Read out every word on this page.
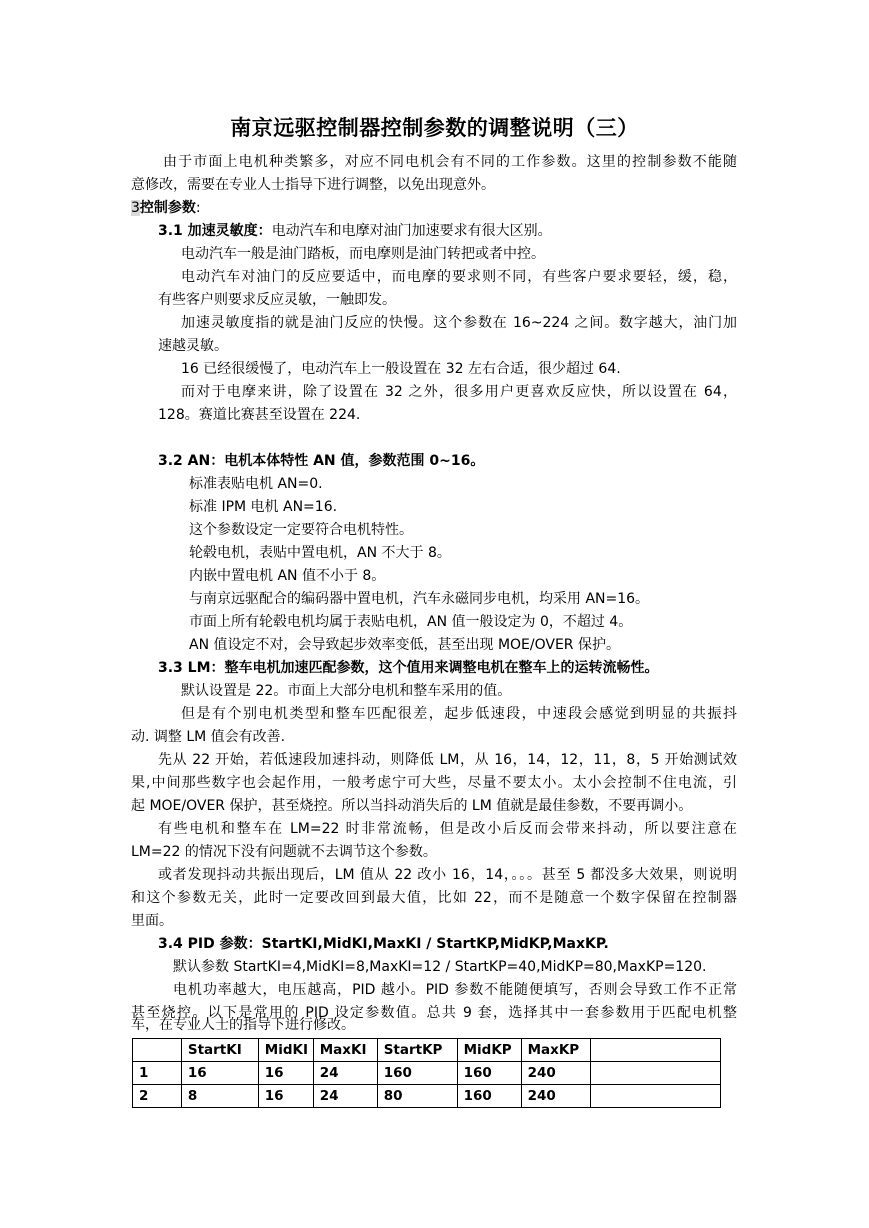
南京远驱控制器控制参数的调整说明（三）
由于市面上电机种类繁多，对应不同电机会有不同的工作参数。这里的控制参数不能随
意修改，需要在专业人士指导下进行调整，以免出现意外。
3控制参数:
3.1 加速灵敏度：电动汽车和电摩对油门加速要求有很大区别。
电动汽车一般是油门踏板，而电摩则是油门转把或者中控。
电动汽车对油门的反应要适中，而电摩的要求则不同，有些客户要求要轻，缓，稳，
有些客户则要求反应灵敏，一触即发。
加速灵敏度指的就是油门反应的快慢。这个参数在 16~224 之间。数字越大，油门加
速越灵敏。
16 已经很缓慢了，电动汽车上一般设置在 32 左右合适，很少超过 64.
而对于电摩来讲，除了设置在 32 之外，很多用户更喜欢反应快，所以设置在 64，
128。赛道比赛甚至设置在 224.
3.2 AN：电机本体特性 AN 值，参数范围 0~16。
标准表贴电机 AN=0.
标准 IPM 电机 AN=16.
这个参数设定一定要符合电机特性。
轮毂电机，表贴中置电机，AN 不大于 8。
内嵌中置电机 AN 值不小于 8。
与南京远驱配合的编码器中置电机，汽车永磁同步电机，均采用 AN=16。
市面上所有轮毂电机均属于表贴电机，AN 值一般设定为 0，不超过 4。
AN 值设定不对，会导致起步效率变低，甚至出现 MOE/OVER 保护。
3.3 LM：整车电机加速匹配参数，这个值用来调整电机在整车上的运转流畅性。
默认设置是 22。市面上大部分电机和整车采用的值。
但是有个别电机类型和整车匹配很差，起步低速段，中速段会感觉到明显的共振抖
动. 调整 LM 值会有改善.
先从 22 开始，若低速段加速抖动，则降低 LM，从 16，14，12，11，8，5 开始测试效
果,中间那些数字也会起作用，一般考虑宁可大些，尽量不要太小。太小会控制不住电流，引
起 MOE/OVER 保护，甚至烧控。所以当抖动消失后的 LM 值就是最佳参数，不要再调小。
有些电机和整车在 LM=22 时非常流畅，但是改小后反而会带来抖动，所以要注意在
LM=22 的情况下没有问题就不去调节这个参数。
或者发现抖动共振出现后，LM 值从 22 改小 16，14，。。。甚至 5 都没多大效果，则说明
和这个参数无关，此时一定要改回到最大值，比如 22，而不是随意一个数字保留在控制器
里面。
3.4 PID 参数：StartKI,MidKI,MaxKI / StartKP,MidKP,MaxKP.
默认参数 StartKI=4,MidKI=8,MaxKI=12 / StartKP=40,MidKP=80,MaxKP=120.
电机功率越大，电压越高，PID 越小。PID 参数不能随便填写，否则会导致工作不正常
甚至烧控。以下是常用的 PID 设定参数值。总共 9 套，选择其中一套参数用于匹配电机整
车，在专业人士的指导下进行修改。
	StartKI	MidKI	MaxKI	StartKP	MidKP	MaxKP	
1	16	16	24	160	160	240	
2	8	16	24	80	160	240	
